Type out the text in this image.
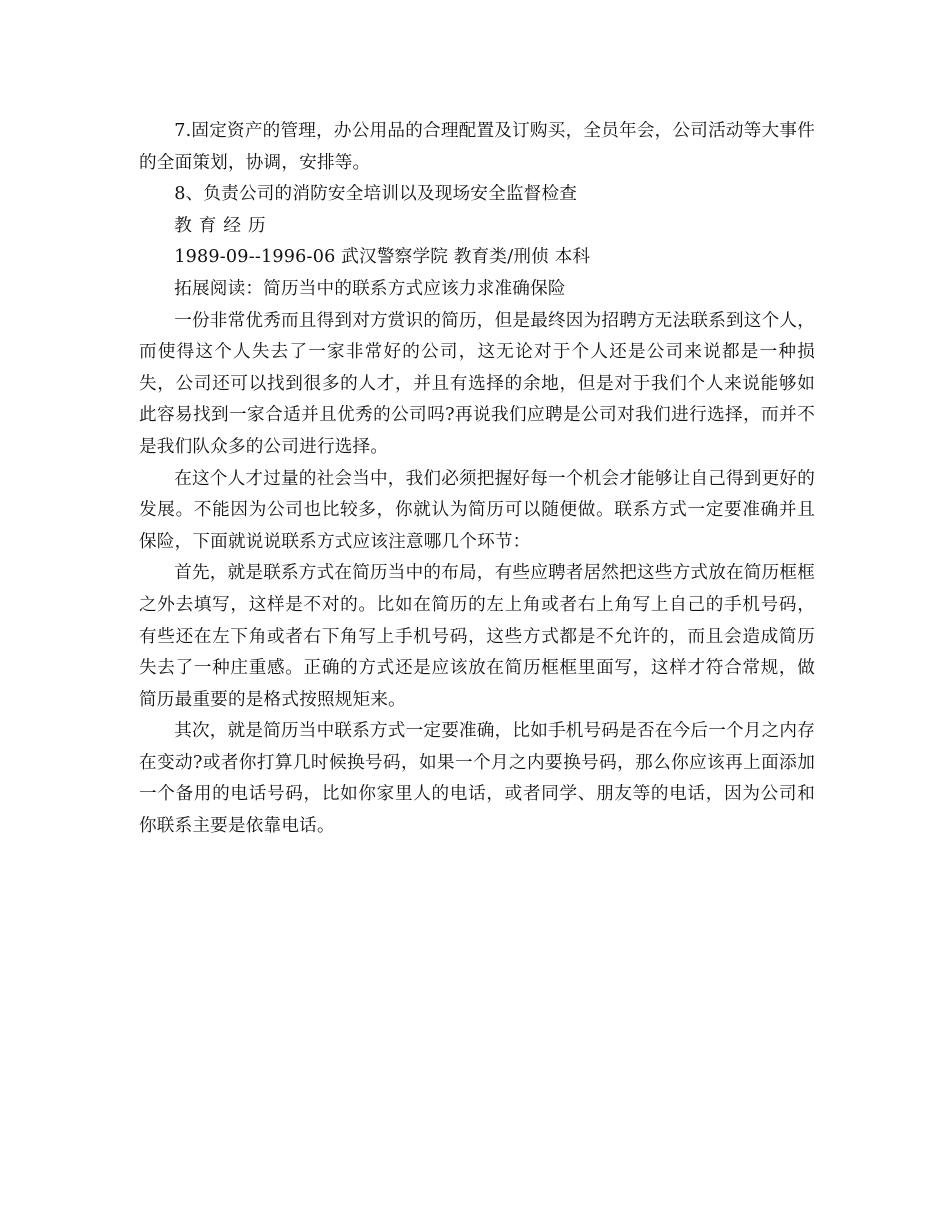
7.固定资产的管理，办公用品的合理配置及订购买，全员年会，公司活动等大事件的全面策划，协调，安排等。

8、负责公司的消防安全培训以及现场安全监督检查

教育经历

1989-09--1996-06 武汉警察学院 教育类/刑侦 本科

拓展阅读：简历当中的联系方式应该力求准确保险

一份非常优秀而且得到对方赏识的简历，但是最终因为招聘方无法联系到这个人，而使得这个人失去了一家非常好的公司，这无论对于个人还是公司来说都是一种损失，公司还可以找到很多的人才，并且有选择的余地，但是对于我们个人来说能够如此容易找到一家合适并且优秀的公司吗?再说我们应聘是公司对我们进行选择，而并不是我们队众多的公司进行选择。

在这个人才过量的社会当中，我们必须把握好每一个机会才能够让自己得到更好的发展。不能因为公司也比较多，你就认为简历可以随便做。联系方式一定要准确并且保险，下面就说说联系方式应该注意哪几个环节：

首先，就是联系方式在简历当中的布局，有些应聘者居然把这些方式放在简历框框之外去填写，这样是不对的。比如在简历的左上角或者右上角写上自己的手机号码，有些还在左下角或者右下角写上手机号码，这些方式都是不允许的，而且会造成简历失去了一种庄重感。正确的方式还是应该放在简历框框里面写，这样才符合常规，做简历最重要的是格式按照规矩来。

其次，就是简历当中联系方式一定要准确，比如手机号码是否在今后一个月之内存在变动?或者你打算几时候换号码，如果一个月之内要换号码，那么你应该再上面添加一个备用的电话号码，比如你家里人的电话，或者同学、朋友等的电话，因为公司和你联系主要是依靠电话。
